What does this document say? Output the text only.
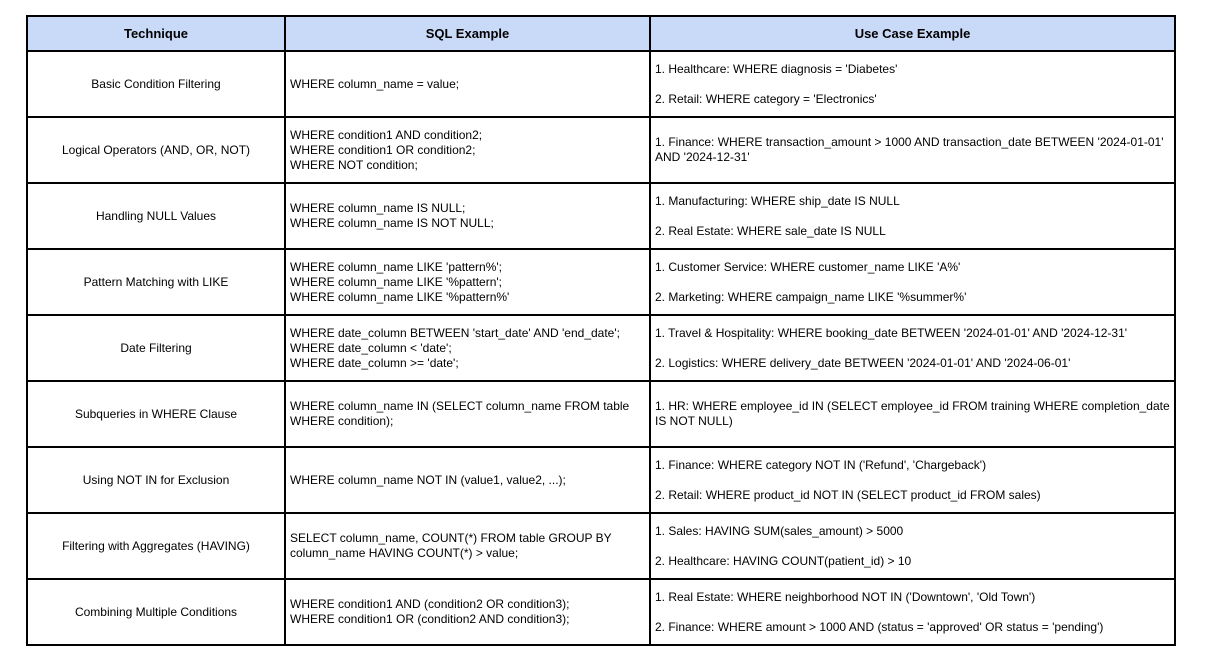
Technique	SQL Example	Use Case Example
Basic Condition Filtering	WHERE column_name = value;	1. Healthcare: WHERE diagnosis = 'Diabetes'
2. Retail: WHERE category = 'Electronics'

Logical Operators (AND, OR, NOT)	WHERE condition1 AND condition2;
WHERE condition1 OR condition2;
WHERE NOT condition;	1. Finance: WHERE transaction_amount > 1000 AND transaction_date BETWEEN '2024-01-01' AND '2024-12-31'

Handling NULL Values	WHERE column_name IS NULL;
WHERE column_name IS NOT NULL;	1. Manufacturing: WHERE ship_date IS NULL
2. Real Estate: WHERE sale_date IS NULL

Pattern Matching with LIKE	WHERE column_name LIKE 'pattern%';
WHERE column_name LIKE '%pattern';
WHERE column_name LIKE '%pattern%'	1. Customer Service: WHERE customer_name LIKE 'A%'
2. Marketing: WHERE campaign_name LIKE '%summer%'

Date Filtering	WHERE date_column BETWEEN 'start_date' AND 'end_date';
WHERE date_column < 'date';
WHERE date_column >= 'date';	1. Travel & Hospitality: WHERE booking_date BETWEEN '2024-01-01' AND '2024-12-31'
2. Logistics: WHERE delivery_date BETWEEN '2024-01-01' AND '2024-06-01'

Subqueries in WHERE Clause	WHERE column_name IN (SELECT column_name FROM table WHERE condition);	1. HR: WHERE employee_id IN (SELECT employee_id FROM training WHERE completion_date IS NOT NULL)

Using NOT IN for Exclusion	WHERE column_name NOT IN (value1, value2, ...);	1. Finance: WHERE category NOT IN ('Refund', 'Chargeback')
2. Retail: WHERE product_id NOT IN (SELECT product_id FROM sales)

Filtering with Aggregates (HAVING)	SELECT column_name, COUNT(*) FROM table GROUP BY column_name HAVING COUNT(*) > value;	1. Sales: HAVING SUM(sales_amount) > 5000
2. Healthcare: HAVING COUNT(patient_id) > 10

Combining Multiple Conditions	WHERE condition1 AND (condition2 OR condition3);
WHERE condition1 OR (condition2 AND condition3);	1. Real Estate: WHERE neighborhood NOT IN ('Downtown', 'Old Town')
2. Finance: WHERE amount > 1000 AND (status = 'approved' OR status = 'pending')
